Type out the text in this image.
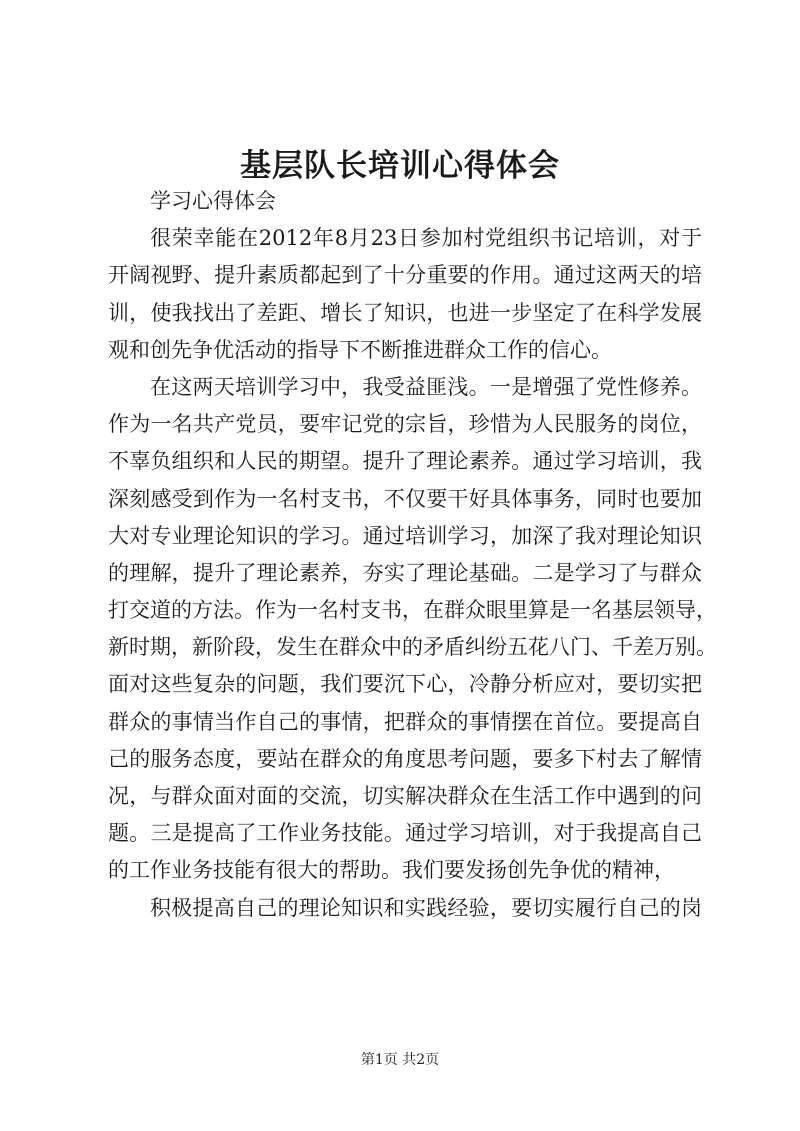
基层队长培训心得体会
学习心得体会
很荣幸能在2012年8月23日参加村党组织书记培训，对于
开阔视野、提升素质都起到了十分重要的作用。通过这两天的培
训，使我找出了差距、增长了知识，也进一步坚定了在科学发展
观和创先争优活动的指导下不断推进群众工作的信心。
在这两天培训学习中，我受益匪浅。一是增强了党性修养。
作为一名共产党员，要牢记党的宗旨，珍惜为人民服务的岗位，
不辜负组织和人民的期望。提升了理论素养。通过学习培训，我
深刻感受到作为一名村支书，不仅要干好具体事务，同时也要加
大对专业理论知识的学习。通过培训学习，加深了我对理论知识
的理解，提升了理论素养，夯实了理论基础。二是学习了与群众
打交道的方法。作为一名村支书，在群众眼里算是一名基层领导，
新时期，新阶段，发生在群众中的矛盾纠纷五花八门、千差万别。
面对这些复杂的问题，我们要沉下心，冷静分析应对，要切实把
群众的事情当作自己的事情，把群众的事情摆在首位。要提高自
己的服务态度，要站在群众的角度思考问题，要多下村去了解情
况，与群众面对面的交流，切实解决群众在生活工作中遇到的问
题。三是提高了工作业务技能。通过学习培训，对于我提高自己
的工作业务技能有很大的帮助。我们要发扬创先争优的精神，
积极提高自己的理论知识和实践经验，要切实履行自己的岗
第1页 共2页
